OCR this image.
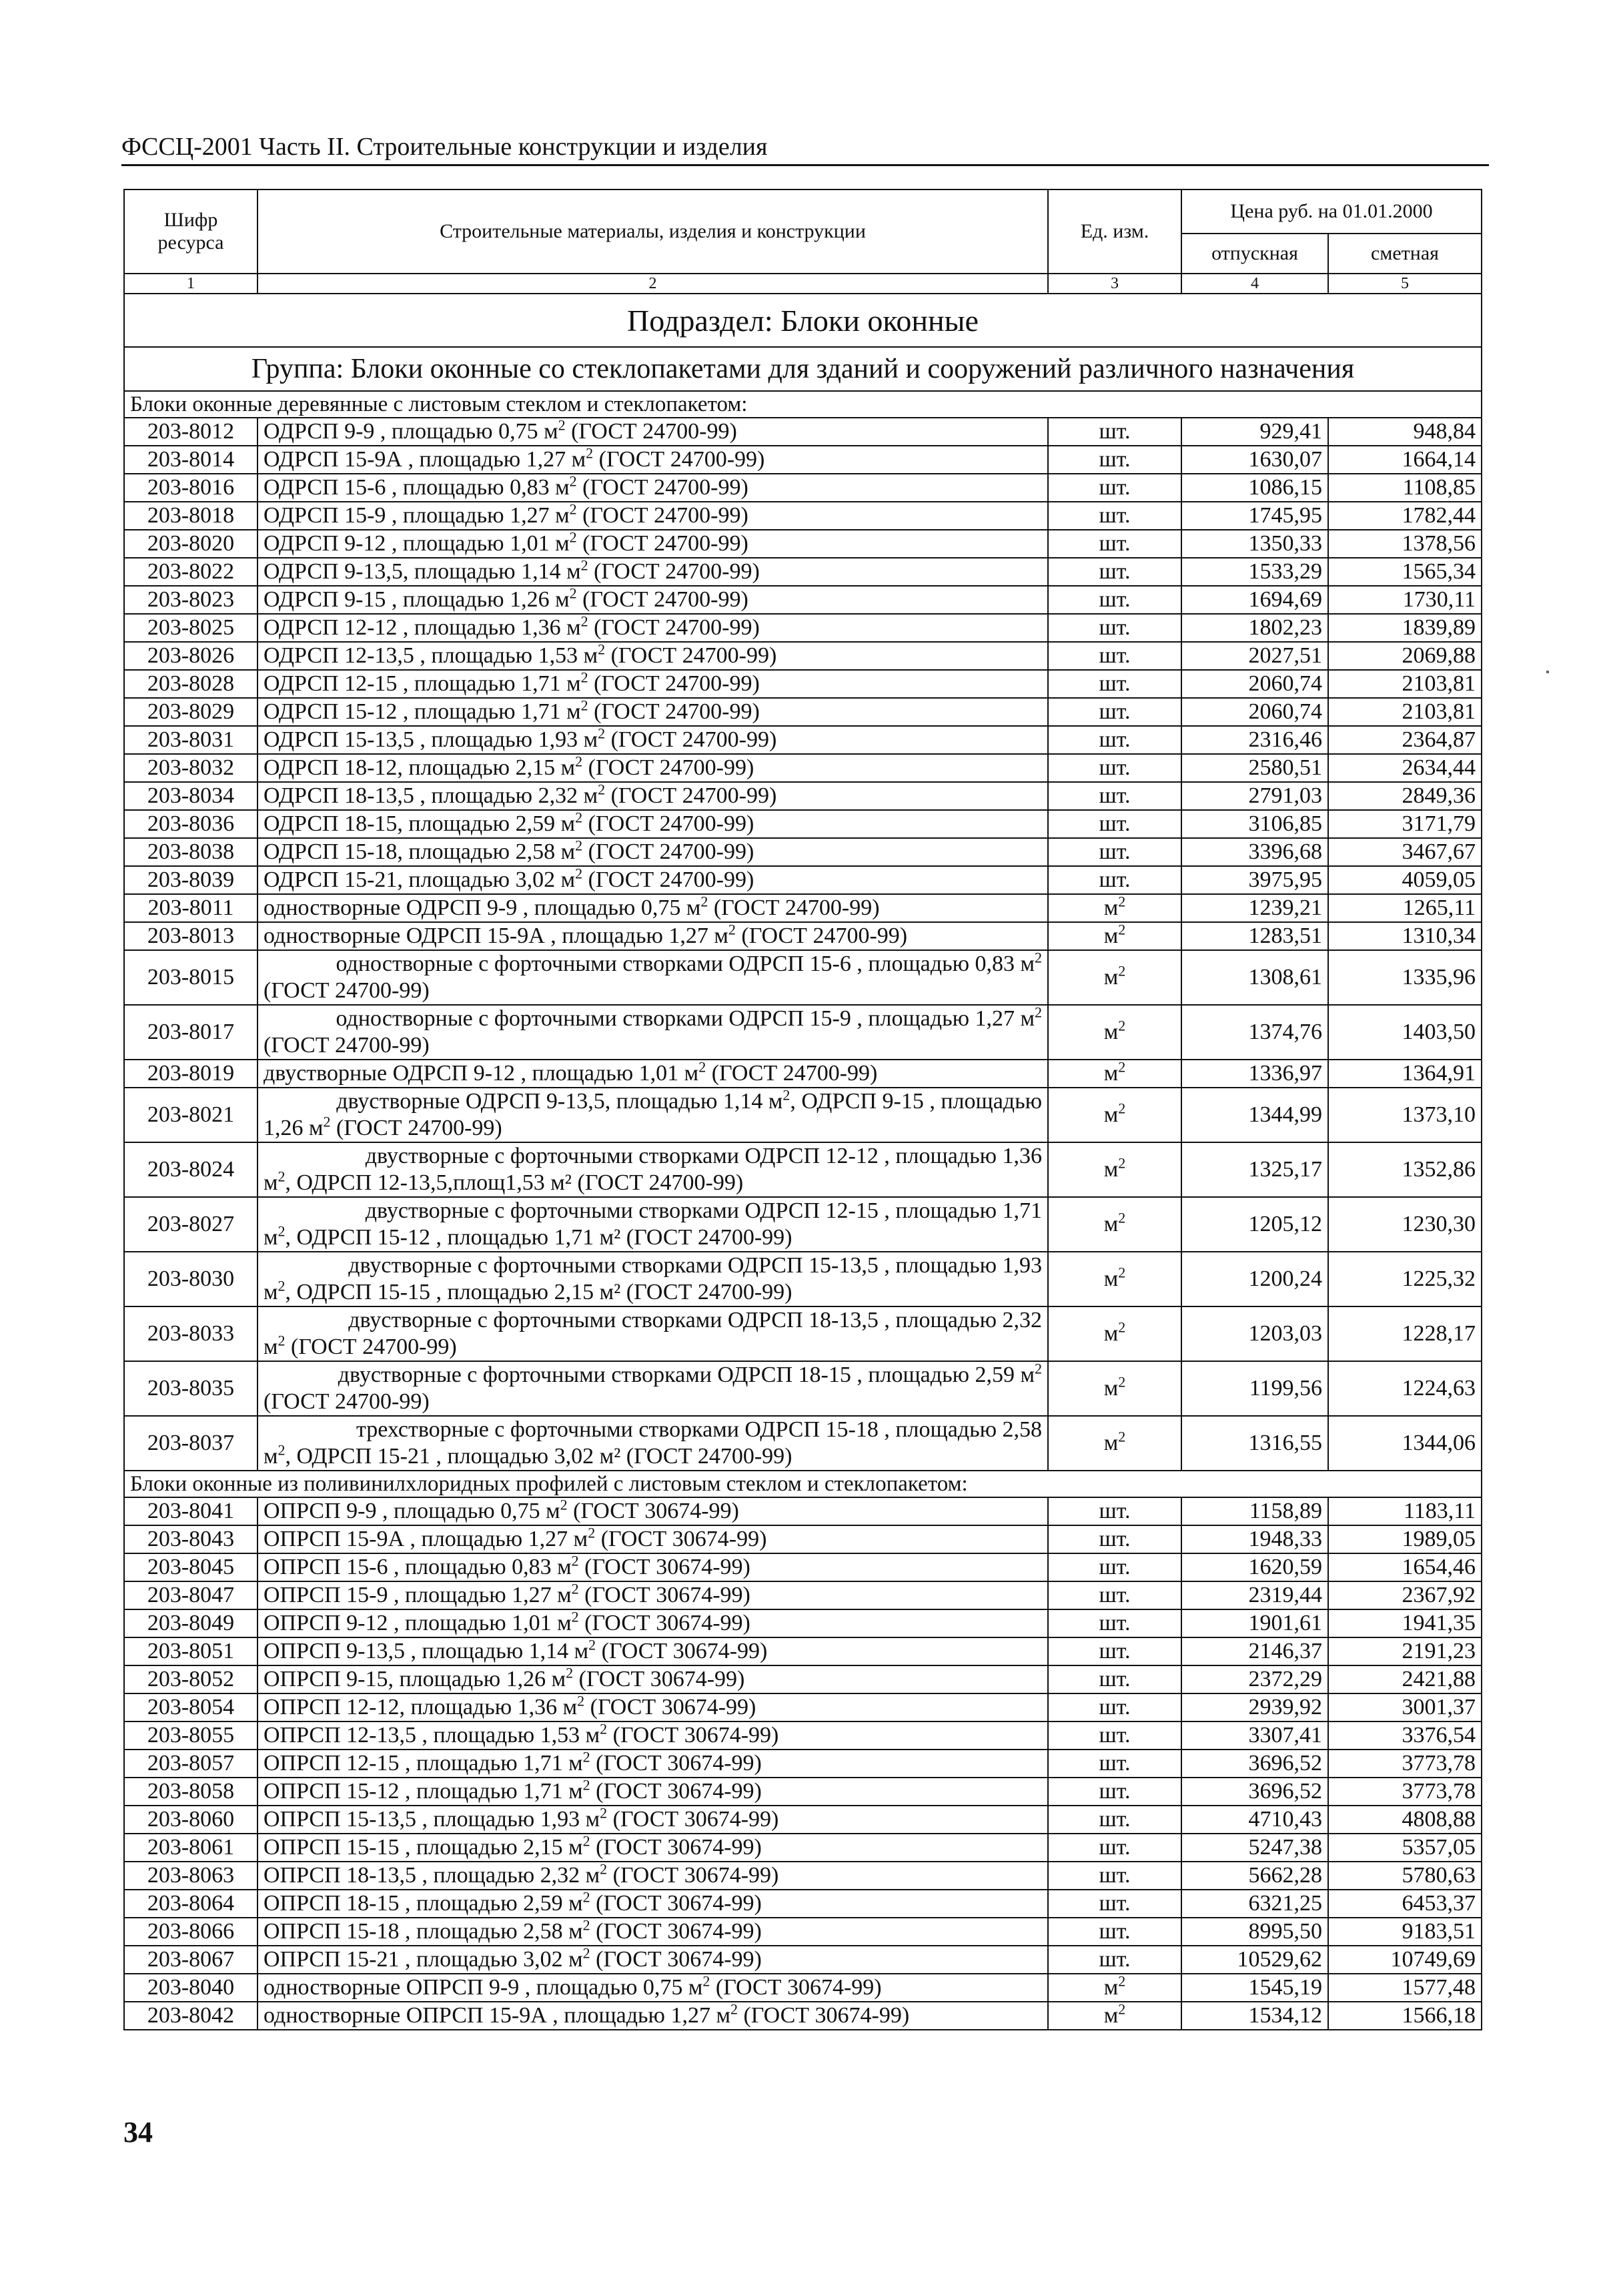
ФССЦ-2001 Часть II. Строительные конструкции и изделия
Шифр ресурса	Строительные материалы, изделия и конструкции	Ед. изм.	Цена руб. на 01.01.2000	
			отпускная	сметная
1	2	3	4	5
Подраздел: Блоки оконные				
Группа: Блоки оконные со стеклопакетами для зданий и сооружений различного назначения				
Блоки оконные деревянные с листовым стеклом и стеклопакетом:				
203-8012	ОДРСП 9-9 , площадью 0,75 $м^2$ (ГОСТ 24700-99)	шт.	929,41	948,84
203-8014	ОДРСП 15-9А , площадью 1,27 $м^2$ (ГОСТ 24700-99)	шт.	1630,07	1664,14
203-8016	ОДРСП 15-6 , площадью 0,83 $м^2$ (ГОСТ 24700-99)	шт.	1086,15	1108,85
203-8018	ОДРСП 15-9 , площадью 1,27 $м^2$ (ГОСТ 24700-99)	шт.	1745,95	1782,44
203-8020	ОДРСП 9-12 , площадью 1,01 $м^2$ (ГОСТ 24700-99)	шт.	1350,33	1378,56
203-8022	ОДРСП 9-13,5, площадью 1,14 $м^2$ (ГОСТ 24700-99)	шт.	1533,29	1565,34
203-8023	ОДРСП 9-15 , площадью 1,26 $м^2$ (ГОСТ 24700-99)	шт.	1694,69	1730,11
203-8025	ОДРСП 12-12 , площадью 1,36 $м^2$ (ГОСТ 24700-99)	шт.	1802,23	1839,89
203-8026	ОДРСП 12-13,5 , площадью 1,53 $м^2$ (ГОСТ 24700-99)	шт.	2027,51	2069,88
203-8028	ОДРСП 12-15 , площадью 1,71 $м^2$ (ГОСТ 24700-99)	шт.	2060,74	2103,81
203-8029	ОДРСП 15-12 , площадью 1,71 $м^2$ (ГОСТ 24700-99)	шт.	2060,74	2103,81
203-8031	ОДРСП 15-13,5 , площадью 1,93 $м^2$ (ГОСТ 24700-99)	шт.	2316,46	2364,87
203-8032	ОДРСП 18-12, площадью 2,15 $м^2$ (ГОСТ 24700-99)	шт.	2580,51	2634,44
203-8034	ОДРСП 18-13,5 , площадью 2,32 $м^2$ (ГОСТ 24700-99)	шт.	2791,03	2849,36
203-8036	ОДРСП 18-15, площадью 2,59 $м^2$ (ГОСТ 24700-99)	шт.	3106,85	3171,79
203-8038	ОДРСП 15-18, площадью 2,58 $м^2$ (ГОСТ 24700-99)	шт.	3396,68	3467,67
203-8039	ОДРСП 15-21, площадью 3,02 $м^2$ (ГОСТ 24700-99)	шт.	3975,95	4059,05
203-8011	одностворные ОДРСП 9-9 , площадью 0,75 $м^2$ (ГОСТ 24700-99)	$м^2$	1239,21	1265,11
203-8013	одностворные ОДРСП 15-9А , площадью 1,27 $м^2$ (ГОСТ 24700-99)	$м^2$	1283,51	1310,34
203-8015	одностворные с форточными створками ОДРСП 15-6 , площадью 0,83 $м^2$
(ГОСТ 24700-99)	$м^2$	1308,61	1335,96
203-8017	одностворные с форточными створками ОДРСП 15-9 , площадью 1,27 $м^2$
(ГОСТ 24700-99)	$м^2$	1374,76	1403,50
203-8019	двустворные ОДРСП 9-12 , площадью 1,01 $м^2$ (ГОСТ 24700-99)	$м^2$	1336,97	1364,91
203-8021	двустворные ОДРСП 9-13,5, площадью 1,14 $м^2$, ОДРСП 9-15 , площадью
1,26 $м^2$ (ГОСТ 24700-99)	$м^2$	1344,99	1373,10
203-8024	двустворные с форточными створками ОДРСП 12-12 , площадью 1,36
$м^2$, ОДРСП 12-13,5,площ1,53 м² (ГОСТ 24700-99)	$м^2$	1325,17	1352,86
203-8027	двустворные с форточными створками ОДРСП 12-15 , площадью 1,71
$м^2$, ОДРСП 15-12 , площадью 1,71 м² (ГОСТ 24700-99)	$м^2$	1205,12	1230,30
203-8030	двустворные с форточными створками ОДРСП 15-13,5 , площадью 1,93
$м^2$, ОДРСП 15-15 , площадью 2,15 м² (ГОСТ 24700-99)	$м^2$	1200,24	1225,32
203-8033	двустворные с форточными створками ОДРСП 18-13,5 , площадью 2,32
$м^2$ (ГОСТ 24700-99)	$м^2$	1203,03	1228,17
203-8035	двустворные с форточными створками ОДРСП 18-15 , площадью 2,59 $м^2$
(ГОСТ 24700-99)	$м^2$	1199,56	1224,63
203-8037	трехстворные с форточными створками ОДРСП 15-18 , площадью 2,58
$м^2$, ОДРСП 15-21 , площадью 3,02 м² (ГОСТ 24700-99)	$м^2$	1316,55	1344,06
Блоки оконные из поливинилхлоридных профилей с листовым стеклом и стеклопакетом:				
203-8041	ОПРСП 9-9 , площадью 0,75 $м^2$ (ГОСТ 30674-99)	шт.	1158,89	1183,11
203-8043	ОПРСП 15-9А , площадью 1,27 $м^2$ (ГОСТ 30674-99)	шт.	1948,33	1989,05
203-8045	ОПРСП 15-6 , площадью 0,83 $м^2$ (ГОСТ 30674-99)	шт.	1620,59	1654,46
203-8047	ОПРСП 15-9 , площадью 1,27 $м^2$ (ГОСТ 30674-99)	шт.	2319,44	2367,92
203-8049	ОПРСП 9-12 , площадью 1,01 $м^2$ (ГОСТ 30674-99)	шт.	1901,61	1941,35
203-8051	ОПРСП 9-13,5 , площадью 1,14 $м^2$ (ГОСТ 30674-99)	шт.	2146,37	2191,23
203-8052	ОПРСП 9-15, площадью 1,26 $м^2$ (ГОСТ 30674-99)	шт.	2372,29	2421,88
203-8054	ОПРСП 12-12, площадью 1,36 $м^2$ (ГОСТ 30674-99)	шт.	2939,92	3001,37
203-8055	ОПРСП 12-13,5 , площадью 1,53 $м^2$ (ГОСТ 30674-99)	шт.	3307,41	3376,54
203-8057	ОПРСП 12-15 , площадью 1,71 $м^2$ (ГОСТ 30674-99)	шт.	3696,52	3773,78
203-8058	ОПРСП 15-12 , площадью 1,71 $м^2$ (ГОСТ 30674-99)	шт.	3696,52	3773,78
203-8060	ОПРСП 15-13,5 , площадью 1,93 $м^2$ (ГОСТ 30674-99)	шт.	4710,43	4808,88
203-8061	ОПРСП 15-15 , площадью 2,15 $м^2$ (ГОСТ 30674-99)	шт.	5247,38	5357,05
203-8063	ОПРСП 18-13,5 , площадью 2,32 $м^2$ (ГОСТ 30674-99)	шт.	5662,28	5780,63
203-8064	ОПРСП 18-15 , площадью 2,59 $м^2$ (ГОСТ 30674-99)	шт.	6321,25	6453,37
203-8066	ОПРСП 15-18 , площадью 2,58 $м^2$ (ГОСТ 30674-99)	шт.	8995,50	9183,51
203-8067	ОПРСП 15-21 , площадью 3,02 $м^2$ (ГОСТ 30674-99)	шт.	10529,62	10749,69
203-8040	одностворные ОПРСП 9-9 , площадью 0,75 $м^2$ (ГОСТ 30674-99)	$м^2$	1545,19	1577,48
203-8042	одностворные ОПРСП 15-9А , площадью 1,27 $м^2$ (ГОСТ 30674-99)	$м^2$	1534,12	1566,18
34
